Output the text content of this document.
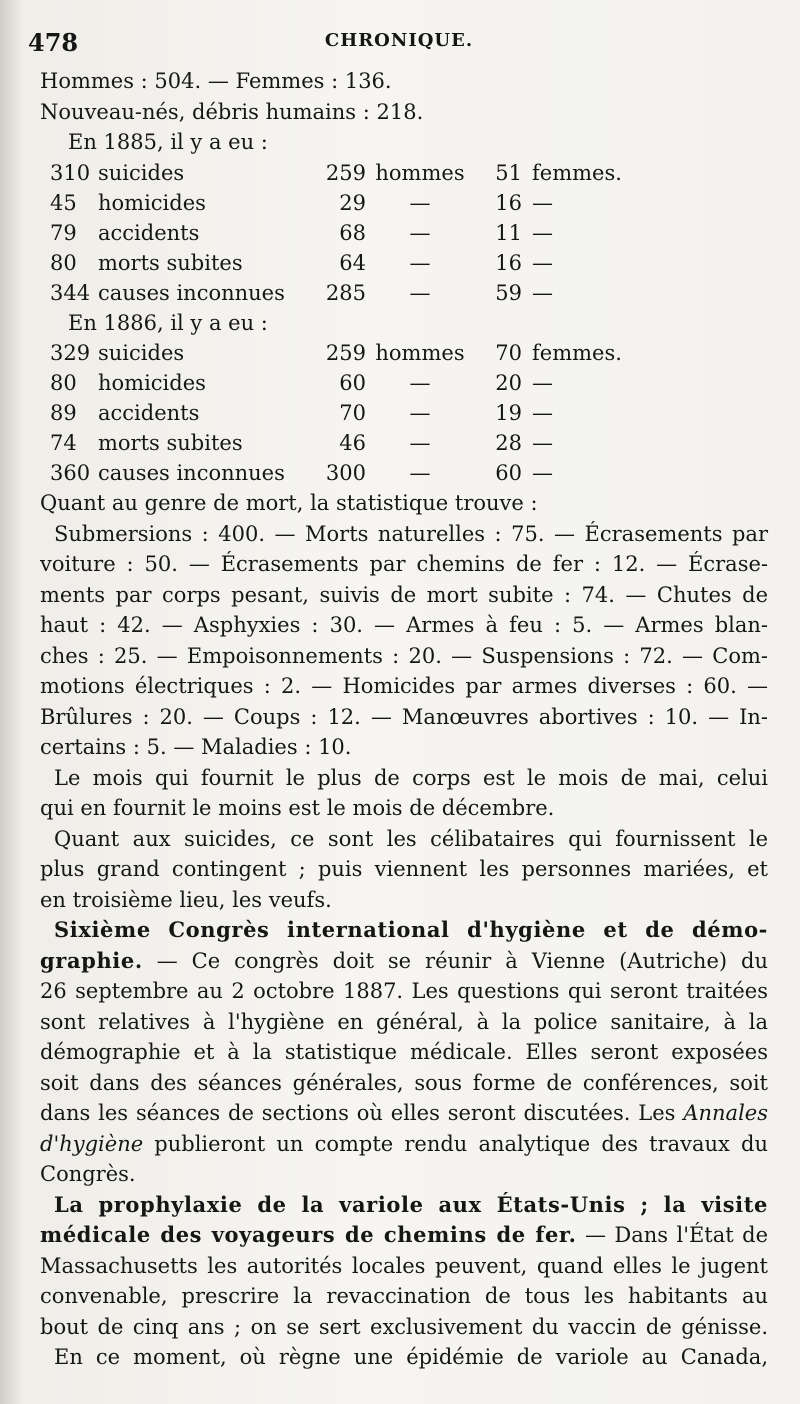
478	CHRONIQUE.
Hommes : 504. — Femmes : 136.
Nouveau-nés, débris humains : 218.
En 1885, il y a eu :
310	suicides	259	hommes	51	femmes.
45	homicides	29	—	16	—
79	accidents	68	—	11	—
80	morts subites	64	—	16	—
344	causes inconnues	285	—	59	—
En 1886, il y a eu :
329	suicides	259	hommes	70	femmes.
80	homicides	60	—	20	—
89	accidents	70	—	19	—
74	morts subites	46	—	28	—
360	causes inconnues	300	—	60	—
Quant au genre de mort, la statistique trouve :

Submersions : 400. — Morts naturelles : 75. — Écrasements par

voiture : 50. — Écrasements par chemins de fer : 12. — Écrase-

ments par corps pesant, suivis de mort subite : 74. — Chutes de

haut : 42. — Asphyxies : 30. — Armes à feu : 5. — Armes blan-

ches : 25. — Empoisonnements : 20. — Suspensions : 72. — Com-

motions électriques : 2. — Homicides par armes diverses : 60. —

Brûlures : 20. — Coups : 12. — Manœuvres abortives : 10. — In-

certains : 5. — Maladies : 10.

Le mois qui fournit le plus de corps est le mois de mai, celui

qui en fournit le moins est le mois de décembre.

Quant aux suicides, ce sont les célibataires qui fournissent le

plus grand contingent ; puis viennent les personnes mariées, et

en troisième lieu, les veufs.

Sixième Congrès international d'hygiène et de démo-

graphie. — Ce congrès doit se réunir à Vienne (Autriche) du

26 septembre au 2 octobre 1887. Les questions qui seront traitées

sont relatives à l'hygiène en général, à la police sanitaire, à la

démographie et à la statistique médicale. Elles seront exposées

soit dans des séances générales, sous forme de conférences, soit

dans les séances de sections où elles seront discutées. Les Annales

d'hygiène publieront un compte rendu analytique des travaux du

Congrès.

La prophylaxie de la variole aux États-Unis ; la visite

médicale des voyageurs de chemins de fer. — Dans l'État de

Massachusetts les autorités locales peuvent, quand elles le jugent

convenable, prescrire la revaccination de tous les habitants au

bout de cinq ans ; on se sert exclusivement du vaccin de génisse.

En ce moment, où règne une épidémie de variole au Canada,
